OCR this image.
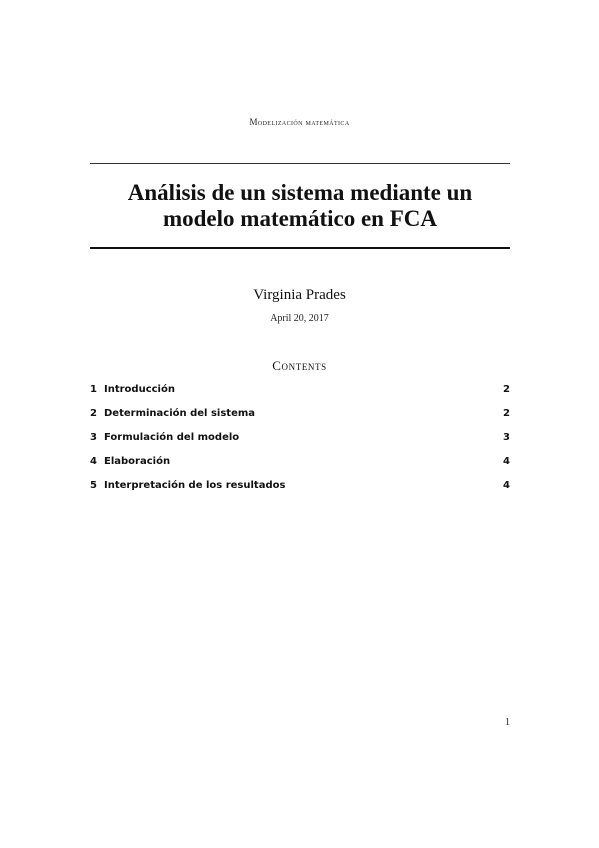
Modelización matemática
Análisis de un sistema mediante un modelo matemático en FCA
Virginia Prades
April 20, 2017
Contents
1 Introducción	2
2 Determinación del sistema	2
3 Formulación del modelo	3
4 Elaboración	4
5 Interpretación de los resultados	4
1
